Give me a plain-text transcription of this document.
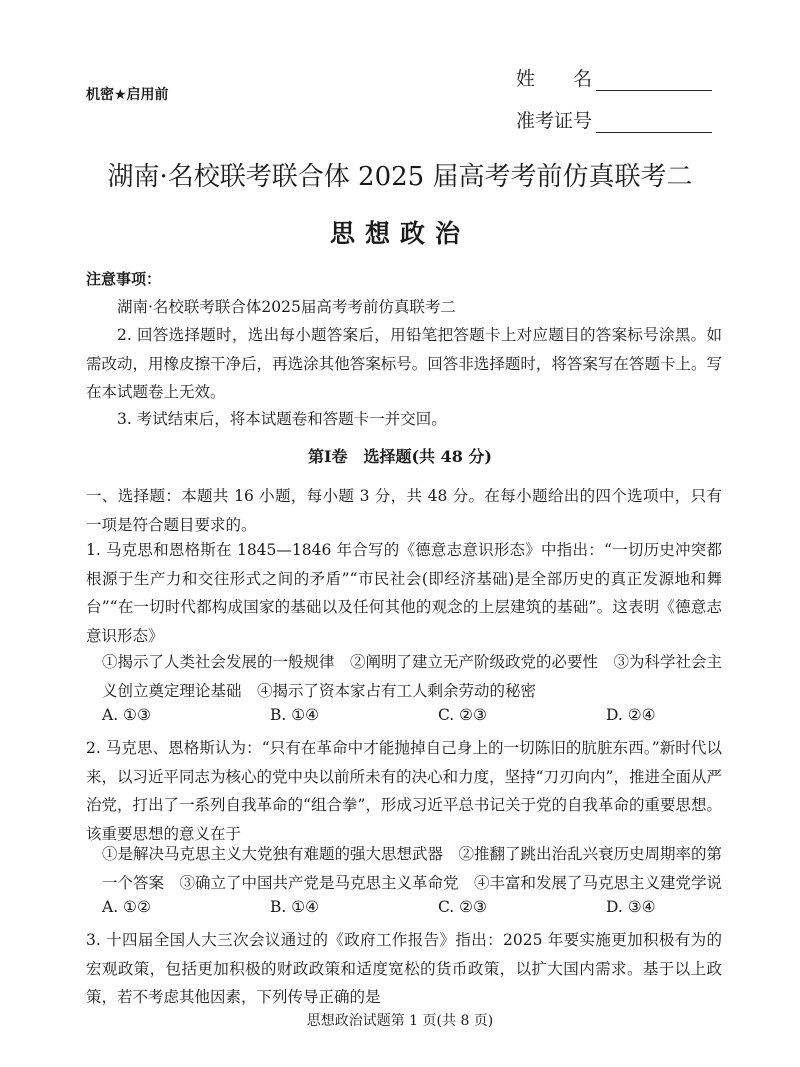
机密★启用前
姓　　名
准考证号
湖南·名校联考联合体 2025 届高考考前仿真联考二
思想政治
注意事项：
湖南·名校联考联合体2025届高考考前仿真联考二
2. 回答选择题时，选出每小题答案后，用铅笔把答题卡上对应题目的答案标号涂黑。如需改动，用橡皮擦干净后，再选涂其他答案标号。回答非选择题时，将答案写在答题卡上。写在本试题卷上无效。
3. 考试结束后，将本试题卷和答题卡一并交回。
第Ⅰ卷　选择题(共 48 分)
一、选择题：本题共 16 小题，每小题 3 分，共 48 分。在每小题给出的四个选项中，只有一项是符合题目要求的。
1. 马克思和恩格斯在 1845—1846 年合写的《德意志意识形态》中指出：“一切历史冲突都根源于生产力和交往形式之间的矛盾”“市民社会(即经济基础)是全部历史的真正发源地和舞台”“在一切时代都构成国家的基础以及任何其他的观念的上层建筑的基础”。这表明《德意志意识形态》
①揭示了人类社会发展的一般规律　②阐明了建立无产阶级政党的必要性　③为科学社会主义创立奠定理论基础　④揭示了资本家占有工人剩余劳动的秘密
A. ①③	B. ①④	C. ②③	D. ②④
2. 马克思、恩格斯认为：“只有在革命中才能抛掉自己身上的一切陈旧的肮脏东西。”新时代以来，以习近平同志为核心的党中央以前所未有的决心和力度，坚持“刀刃向内”，推进全面从严治党，打出了一系列自我革命的“组合拳”，形成习近平总书记关于党的自我革命的重要思想。该重要思想的意义在于
①是解决马克思主义大党独有难题的强大思想武器　②推翻了跳出治乱兴衰历史周期率的第一个答案　③确立了中国共产党是马克思主义革命党　④丰富和发展了马克思主义建党学说
A. ①②	B. ①④	C. ②③	D. ③④
3. 十四届全国人大三次会议通过的《政府工作报告》指出：2025 年要实施更加积极有为的宏观政策，包括更加积极的财政政策和适度宽松的货币政策，以扩大国内需求。基于以上政策，若不考虑其他因素，下列传导正确的是
思想政治试题第 1 页(共 8 页)
